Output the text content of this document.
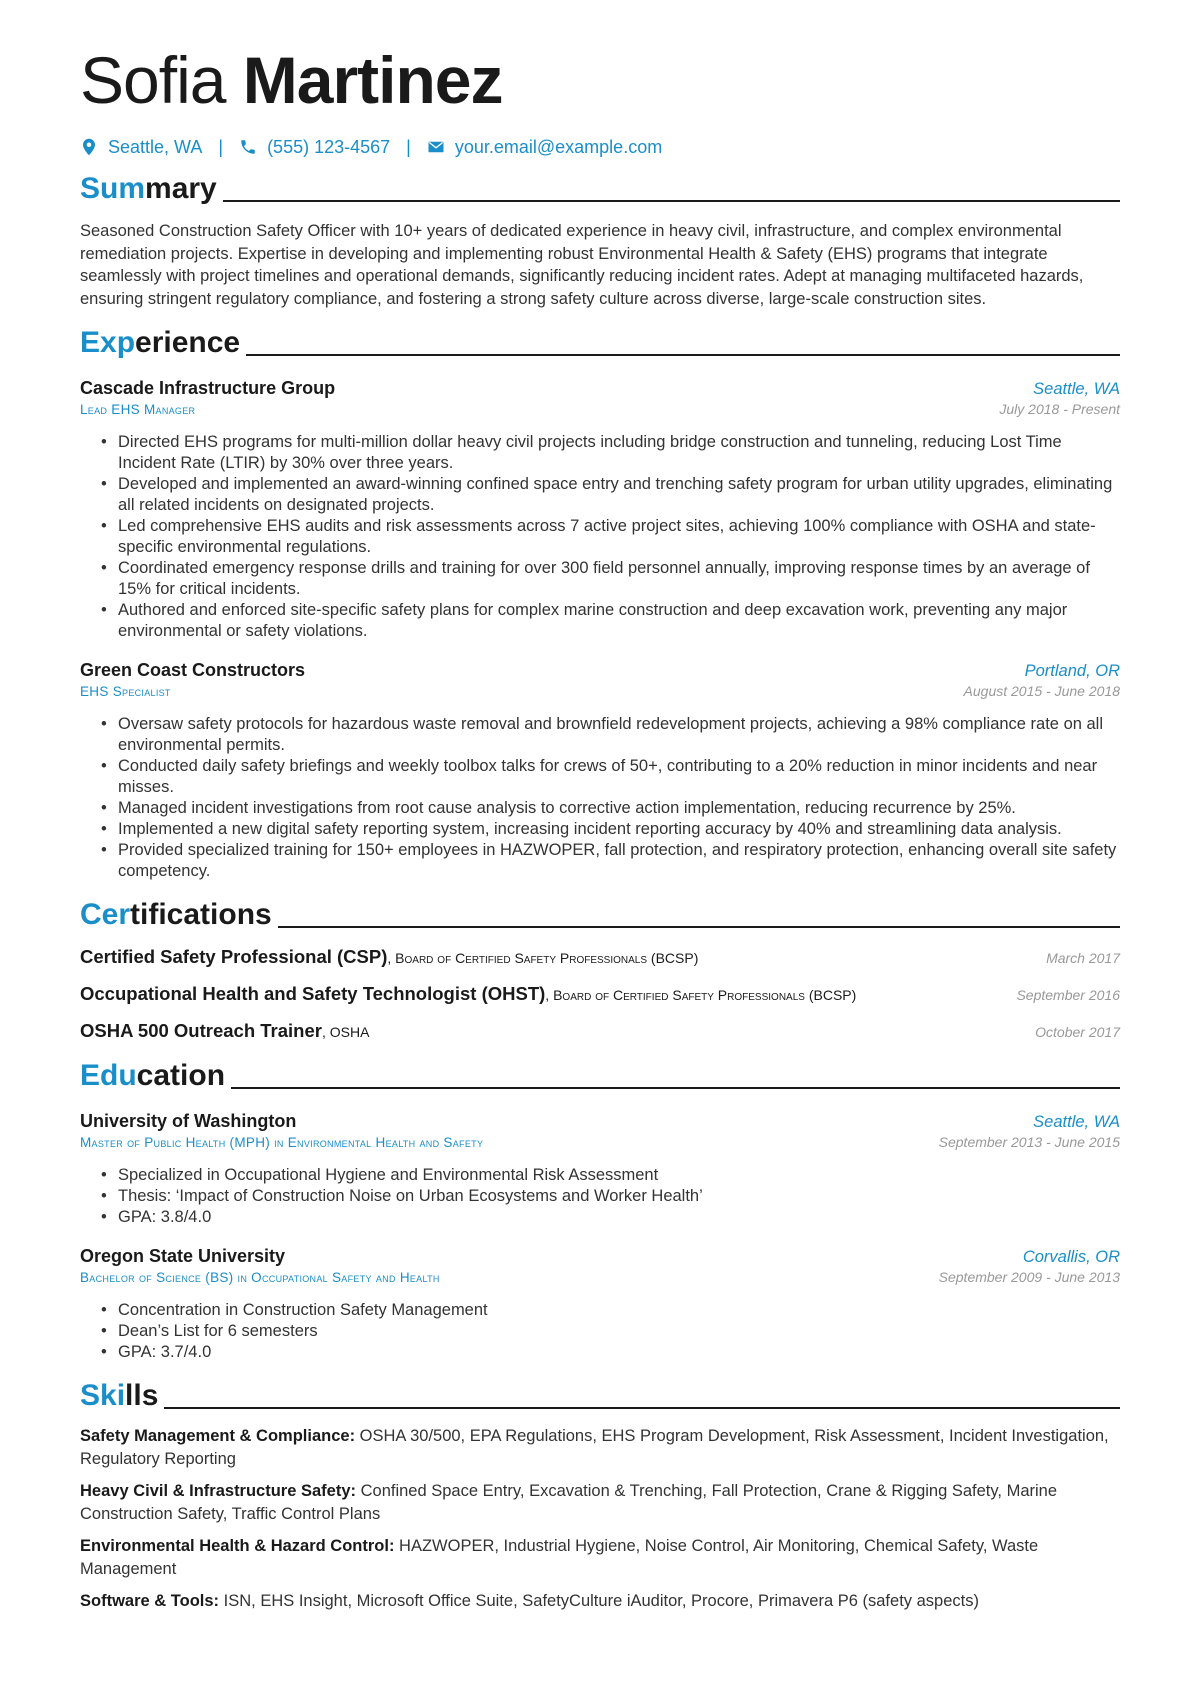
Sofia Martinez
Seattle, WA | (555) 123-4567 | your.email@example.com
Summary
Seasoned Construction Safety Officer with 10+ years of dedicated experience in heavy civil, infrastructure, and complex environmental remediation projects. Expertise in developing and implementing robust Environmental Health & Safety (EHS) programs that integrate seamlessly with project timelines and operational demands, significantly reducing incident rates. Adept at managing multifaceted hazards, ensuring stringent regulatory compliance, and fostering a strong safety culture across diverse, large-scale construction sites.
Experience
Cascade Infrastructure Group	Seattle, WA
Lead EHS Manager	July 2018 - Present
• Directed EHS programs for multi-million dollar heavy civil projects including bridge construction and tunneling, reducing Lost Time Incident Rate (LTIR) by 30% over three years.
• Developed and implemented an award-winning confined space entry and trenching safety program for urban utility upgrades, eliminating all related incidents on designated projects.
• Led comprehensive EHS audits and risk assessments across 7 active project sites, achieving 100% compliance with OSHA and state-specific environmental regulations.
• Coordinated emergency response drills and training for over 300 field personnel annually, improving response times by an average of 15% for critical incidents.
• Authored and enforced site-specific safety plans for complex marine construction and deep excavation work, preventing any major environmental or safety violations.
Green Coast Constructors	Portland, OR
EHS Specialist	August 2015 - June 2018
• Oversaw safety protocols for hazardous waste removal and brownfield redevelopment projects, achieving a 98% compliance rate on all environmental permits.
• Conducted daily safety briefings and weekly toolbox talks for crews of 50+, contributing to a 20% reduction in minor incidents and near misses.
• Managed incident investigations from root cause analysis to corrective action implementation, reducing recurrence by 25%.
• Implemented a new digital safety reporting system, increasing incident reporting accuracy by 40% and streamlining data analysis.
• Provided specialized training for 150+ employees in HAZWOPER, fall protection, and respiratory protection, enhancing overall site safety competency.
Certifications
Certified Safety Professional (CSP), Board of Certified Safety Professionals (BCSP)	March 2017
Occupational Health and Safety Technologist (OHST), Board of Certified Safety Professionals (BCSP)	September 2016
OSHA 500 Outreach Trainer, OSHA	October 2017
Education
University of Washington	Seattle, WA
Master of Public Health (MPH) in Environmental Health and Safety	September 2013 - June 2015
• Specialized in Occupational Hygiene and Environmental Risk Assessment
• Thesis: ‘Impact of Construction Noise on Urban Ecosystems and Worker Health’
• GPA: 3.8/4.0
Oregon State University	Corvallis, OR
Bachelor of Science (BS) in Occupational Safety and Health	September 2009 - June 2013
• Concentration in Construction Safety Management
• Dean’s List for 6 semesters
• GPA: 3.7/4.0
Skills
Safety Management & Compliance: OSHA 30/500, EPA Regulations, EHS Program Development, Risk Assessment, Incident Investigation, Regulatory Reporting
Heavy Civil & Infrastructure Safety: Confined Space Entry, Excavation & Trenching, Fall Protection, Crane & Rigging Safety, Marine Construction Safety, Traffic Control Plans
Environmental Health & Hazard Control: HAZWOPER, Industrial Hygiene, Noise Control, Air Monitoring, Chemical Safety, Waste Management
Software & Tools: ISN, EHS Insight, Microsoft Office Suite, SafetyCulture iAuditor, Procore, Primavera P6 (safety aspects)
